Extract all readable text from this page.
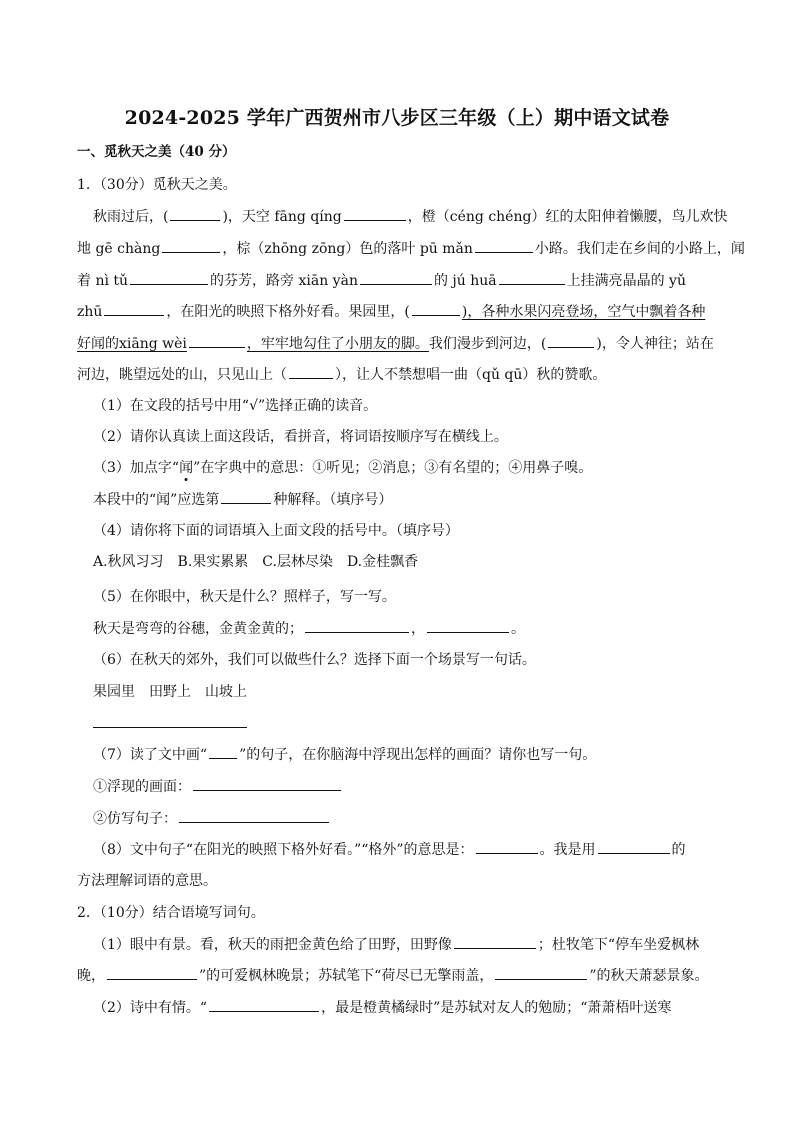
2024-2025 学年广西贺州市八步区三年级（上）期中语文试卷
一、觅秋天之美（40 分）
1．（30分）觅秋天之美。
秋雨过后，(	)，天空 fāng qíng	，橙（céng chéng）红的太阳伸着懒腰，鸟儿欢快
地 gē chàng	，棕（zhōng zōng）色的落叶 pū mǎn	小路。我们走在乡间的小路上，闻
着 nì tǔ	的芬芳，路旁 xiān yàn	的 jú huā	上挂满亮晶晶的 yǔ
zhū	，在阳光的映照下格外好看。果园里，(	)，各种水果闪亮登场，空气中飘着各种
好闻的xiāng wèi	，牢牢地勾住了小朋友的脚。我们漫步到河边，(	)，令人神往；站在
河边，眺望远处的山，只见山上（	），让人不禁想唱一曲（qǔ qū）秋的赞歌。
（1）在文段的括号中用“√”选择正确的读音。
（2）请你认真读上面这段话，看拼音，将词语按顺序写在横线上。
（3）加点字“闻”在字典中的意思：①听见；②消息；③有名望的；④用鼻子嗅。
本段中的“闻”应选第	种解释。（填序号）
（4）请你将下面的词语填入上面文段的括号中。（填序号）
A.秋风习习　B.果实累累　C.层林尽染　D.金桂飘香
（5）在你眼中，秋天是什么？照样子，写一写。
秋天是弯弯的谷穗，金黄金黄的；	，	。
（6）在秋天的郊外，我们可以做些什么？选择下面一个场景写一句话。
果园里　田野上　山坡上
（7）读了文中画“ ”的句子，在你脑海中浮现出怎样的画面？请你也写一句。
①浮现的画面：
②仿写句子：
（8）文中句子“在阳光的映照下格外好看。”“格外”的意思是：	。我是用	的
方法理解词语的意思。
2．（10分）结合语境写词句。
（1）眼中有景。看，秋天的雨把金黄色给了田野，田野像	；杜牧笔下“停车坐爱枫林
晚，	”的可爱枫林晚景；苏轼笔下“荷尽已无擎雨盖，	”的秋天萧瑟景象。
（2）诗中有情。“	，最是橙黄橘绿时”是苏轼对友人的勉励；“萧萧梧叶送寒
